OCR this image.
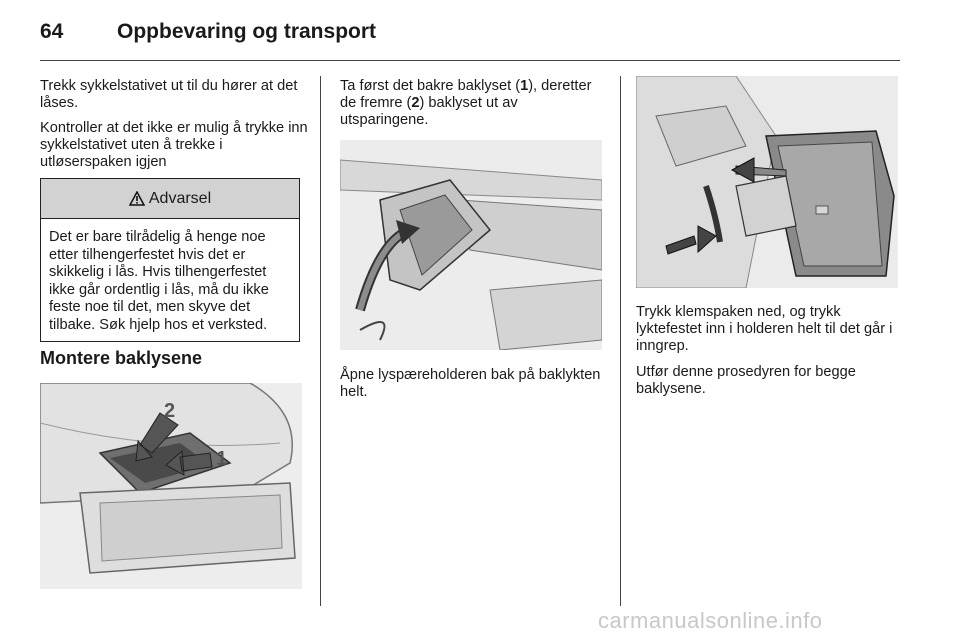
64	Oppbevaring og transport

Trekk sykkelstativet ut til du hører at det låses.

Kontroller at det ikke er mulig å trykke inn sykkelstativet uten å trekke i utløserspaken igjen

Advarsel
Det er bare tilrådelig å henge noe etter tilhengerfestet hvis det er skikkelig i lås. Hvis tilhengerfestet ikke går ordentlig i lås, må du ikke feste noe til det, men skyve det tilbake. Søk hjelp hos et verksted.
Montere baklysene
2
1

Ta først det bakre baklyset (1), deretter de fremre (2) baklyset ut av utsparingene.

Åpne lyspæreholderen bak på baklykten helt.

Trykk klemspaken ned, og trykk lyktefestet inn i holderen helt til det går i inngrep.

Utfør denne prosedyren for begge baklysene.

carmanualsonline.info
